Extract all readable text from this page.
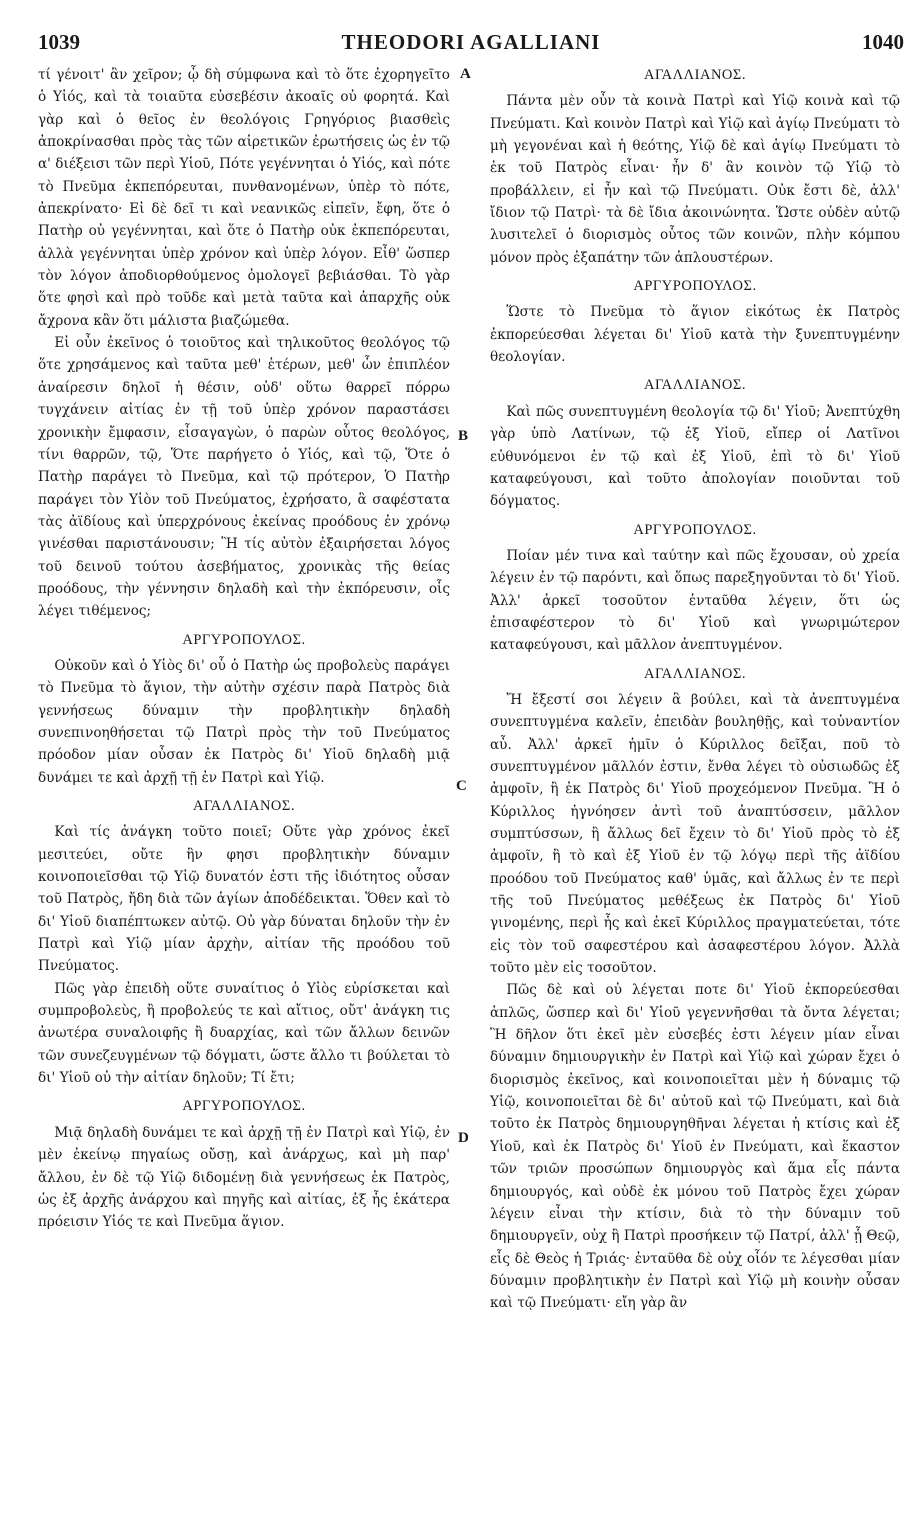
1039	THEODORI AGALLIANI	1040
A
B
C
D

τί γένοιτ' ἂν χεῖρον; ᾧ δὴ σύμφωνα καὶ τὸ ὅτε ἐχορηγεῖτο ὁ Υἱός, καὶ τὰ τοιαῦτα εὐσεβέσιν ἀκοαῖς οὐ φορητά. Καὶ γὰρ καὶ ὁ θεῖος ἐν θεολόγοις Γρηγόριος βιασθεὶς ἀποκρίνασθαι πρὸς τὰς τῶν αἱρετικῶν ἐρωτήσεις ὡς ἐν τῷ α' διέξεισι τῶν περὶ Υἱοῦ, Πότε γεγέννηται ὁ Υἱός, καὶ πότε τὸ Πνεῦμα ἐκπεπόρευται, πυνθανομένων, ὑπὲρ τὸ πότε, ἀπεκρίνατο· Εἰ δὲ δεῖ τι καὶ νεανικῶς εἰπεῖν, ἔφη, ὅτε ὁ Πατὴρ οὐ γεγέννηται, καὶ ὅτε ὁ Πατὴρ οὐκ ἐκπεπόρευται, ἀλλὰ γεγέννηται ὑπὲρ χρόνον καὶ ὑπὲρ λόγον. Εἶθ' ὥσπερ τὸν λόγον ἀποδιορθούμενος ὁμολογεῖ βεβιάσθαι. Τὸ γὰρ ὅτε φησὶ καὶ πρὸ τοῦδε καὶ μετὰ ταῦτα καὶ ἀπαρχῆς οὐκ ἄχρονα κἂν ὅτι μάλιστα βιαζώμεθα.

Εἰ οὖν ἐκεῖνος ὁ τοιοῦτος καὶ τηλικοῦτος θεολόγος τῷ ὅτε χρησάμενος καὶ ταῦτα μεθ' ἑτέρων, μεθ' ὧν ἐπιπλέον ἀναίρεσιν δηλοῖ ἡ θέσιν, οὐδ' οὕτω θαρρεῖ πόρρω τυγχάνειν αἰτίας ἐν τῇ τοῦ ὑπὲρ χρόνον παραστάσει χρονικὴν ἔμφασιν, εἶσαγαγὼν, ὁ παρὼν οὗτος θεολόγος, τίνι θαρρῶν, τῷ, Ὅτε παρήγετο ὁ Υἱός, καὶ τῷ, Ὅτε ὁ Πατὴρ παράγει τὸ Πνεῦμα, καὶ τῷ πρότερον, Ὁ Πατὴρ παράγει τὸν Υἱὸν τοῦ Πνεύματος, ἐχρήσατο, ἃ σαφέστατα τὰς ἀϊδίους καὶ ὑπερχρόνους ἐκείνας προόδους ἐν χρόνῳ γινέσθαι παριστάνουσιν; Ἢ τίς αὐτὸν ἐξαιρήσεται λόγος τοῦ δεινοῦ τούτου ἀσεβήματος, χρονικὰς τῆς θείας προόδους, τὴν γέννησιν δηλαδὴ καὶ τὴν ἐκπόρευσιν, οἷς λέγει τιθέμενος;

ΑΡΓΥΡΟΠΟΥΛΟΣ.

Οὐκοῦν καὶ ὁ Υἱὸς δι' οὗ ὁ Πατὴρ ὡς προβολεὺς παράγει τὸ Πνεῦμα τὸ ἅγιον, τὴν αὐτὴν σχέσιν παρὰ Πατρὸς διὰ γεννήσεως δύναμιν τὴν προβλητικὴν δηλαδὴ συνεπινοηθήσεται τῷ Πατρὶ πρὸς τὴν τοῦ Πνεύματος πρόοδον μίαν οὖσαν ἐκ Πατρὸς δι' Υἱοῦ δηλαδὴ μιᾷ δυνάμει τε καὶ ἀρχῇ τῇ ἐν Πατρὶ καὶ Υἱῷ.

ΑΓΑΛΛΙΑΝΟΣ.

Καὶ τίς ἀνάγκη τοῦτο ποιεῖ; Οὔτε γὰρ χρόνος ἐκεῖ μεσιτεύει, οὔτε ἣν φησι προβλητικὴν δύναμιν κοινοποιεῖσθαι τῷ Υἱῷ δυνατόν ἐστι τῆς ἰδιότητος οὖσαν τοῦ Πατρὸς, ἤδη διὰ τῶν ἁγίων ἀποδέδεικται. Ὅθεν καὶ τὸ δι' Υἱοῦ διαπέπτωκεν αὐτῷ. Οὐ γὰρ δύναται δηλοῦν τὴν ἐν Πατρὶ καὶ Υἱῷ μίαν ἀρχὴν, αἰτίαν τῆς προόδου τοῦ Πνεύματος.

Πῶς γὰρ ἐπειδὴ οὕτε συναίτιος ὁ Υἱὸς εὑρίσκεται καὶ συμπροβολεὺς, ἢ προβολεύς τε καὶ αἴτιος, οὔτ' ἀνάγκη τις ἀνωτέρα συναλοιφῆς ἢ δυαρχίας, καὶ τῶν ἄλλων δεινῶν τῶν συνεζευγμένων τῷ δόγματι, ὥστε ἄλλο τι βούλεται τὸ δι' Υἱοῦ οὐ τὴν αἰτίαν δηλοῦν; Τί ἔτι;

ΑΡΓΥΡΟΠΟΥΛΟΣ.

Μιᾷ δηλαδὴ δυνάμει τε καὶ ἀρχῇ τῇ ἐν Πατρὶ καὶ Υἱῷ, ἐν μὲν ἐκείνῳ πηγαίως οὔσῃ, καὶ ἀνάρχως, καὶ μὴ παρ' ἄλλου, ἐν δὲ τῷ Υἱῷ διδομένῃ διὰ γεννήσεως ἐκ Πατρὸς, ὡς ἐξ ἀρχῆς ἀνάρχου καὶ πηγῆς καὶ αἰτίας, ἐξ ἧς ἑκάτερα πρόεισιν Υἱός τε καὶ Πνεῦμα ἅγιον.

ΑΓΑΛΛΙΑΝΟΣ.

Πάντα μὲν οὖν τὰ κοινὰ Πατρὶ καὶ Υἱῷ κοινὰ καὶ τῷ Πνεύματι. Καὶ κοινὸν Πατρὶ καὶ Υἱῷ καὶ ἁγίῳ Πνεύματι τὸ μὴ γεγονέναι καὶ ἡ θεότης, Υἱῷ δὲ καὶ ἁγίῳ Πνεύματι τὸ ἐκ τοῦ Πατρὸς εἶναι· ἦν δ' ἂν κοινὸν τῷ Υἱῷ τὸ προβάλλειν, εἰ ἦν καὶ τῷ Πνεύματι. Οὐκ ἔστι δὲ, ἀλλ' ἴδιον τῷ Πατρὶ· τὰ δὲ ἴδια ἀκοινώνητα. Ὥστε οὐδὲν αὐτῷ λυσιτελεῖ ὁ διορισμὸς οὗτος τῶν κοινῶν, πλὴν κόμπου μόνον πρὸς ἐξαπάτην τῶν ἁπλουστέρων.

ΑΡΓΥΡΟΠΟΥΛΟΣ.

Ὥστε τὸ Πνεῦμα τὸ ἅγιον εἰκότως ἐκ Πατρὸς ἐκπορεύεσθαι λέγεται δι' Υἱοῦ κατὰ τὴν ξυνεπτυγμένην θεολογίαν.

ΑΓΑΛΛΙΑΝΟΣ.

Καὶ πῶς συνεπτυγμένη θεολογία τῷ δι' Υἱοῦ; Ἀνεπτύχθη γὰρ ὑπὸ Λατίνων, τῷ ἐξ Υἱοῦ, εἴπερ οἱ Λατῖνοι εὐθυνόμενοι ἐν τῷ καὶ ἐξ Υἱοῦ, ἐπὶ τὸ δι' Υἱοῦ καταφεύγουσι, καὶ τοῦτο ἀπολογίαν ποιοῦνται τοῦ δόγματος.

ΑΡΓΥΡΟΠΟΥΛΟΣ.

Ποίαν μέν τινα καὶ ταύτην καὶ πῶς ἔχουσαν, οὐ χρεία λέγειν ἐν τῷ παρόντι, καὶ ὅπως παρεξηγοῦνται τὸ δι' Υἱοῦ. Ἀλλ' ἀρκεῖ τοσοῦτον ἐνταῦθα λέγειν, ὅτι ὡς ἐπισαφέστερον τὸ δι' Υἱοῦ καὶ γνωριμώτερον καταφεύγουσι, καὶ μᾶλλον ἀνεπτυγμένον.

ΑΓΑΛΛΙΑΝΟΣ.

Ἤ ἔξεστί σοι λέγειν ἃ βούλει, καὶ τὰ ἀνεπτυγμένα συνεπτυγμένα καλεῖν, ἐπειδὰν βουληθῇς, καὶ τοὐναντίον αὖ. Ἀλλ' ἀρκεῖ ἡμῖν ὁ Κύριλλος δεῖξαι, ποῦ τὸ συνεπτυγμένον μᾶλλόν ἐστιν, ἔνθα λέγει τὸ οὐσιωδῶς ἐξ ἀμφοῖν, ἢ ἐκ Πατρὸς δι' Υἱοῦ προχεόμενον Πνεῦμα. Ἢ ὁ Κύριλλος ἠγνόησεν ἀντὶ τοῦ ἀναπτύσσειν, μᾶλλον συμπτύσσων, ἢ ἄλλως δεῖ ἔχειν τὸ δι' Υἱοῦ πρὸς τὸ ἐξ ἀμφοῖν, ἢ τὸ καὶ ἐξ Υἱοῦ ἐν τῷ λόγῳ περὶ τῆς ἀϊδίου προόδου τοῦ Πνεύματος καθ' ὑμᾶς, καὶ ἄλλως ἐν τε περὶ τῆς τοῦ Πνεύματος μεθέξεως ἐκ Πατρὸς δι' Υἱοῦ γινομένης, περὶ ἧς καὶ ἐκεῖ Κύριλλος πραγματεύεται, τότε εἰς τὸν τοῦ σαφεστέρου καὶ ἀσαφεστέρου λόγον. Ἀλλὰ τοῦτο μὲν εἰς τοσοῦτον.

Πῶς δὲ καὶ οὐ λέγεται ποτε δι' Υἱοῦ ἐκπορεύεσθαι ἁπλῶς, ὥσπερ καὶ δι' Υἱοῦ γεγεννῆσθαι τὰ ὄντα λέγεται; Ἢ δῆλον ὅτι ἐκεῖ μὲν εὐσεβές ἐστι λέγειν μίαν εἶναι δύναμιν δημιουργικὴν ἐν Πατρὶ καὶ Υἱῷ καὶ χώραν ἔχει ὁ διορισμὸς ἐκεῖνος, καὶ κοινοποιεῖται μὲν ἡ δύναμις τῷ Υἱῷ, κοινοποιεῖται δὲ δι' αὐτοῦ καὶ τῷ Πνεύματι, καὶ διὰ τοῦτο ἐκ Πατρὸς δημιουργηθῆναι λέγεται ἡ κτίσις καὶ ἐξ Υἱοῦ, καὶ ἐκ Πατρὸς δι' Υἱοῦ ἐν Πνεύματι, καὶ ἕκαστον τῶν τριῶν προσώπων δημιουργὸς καὶ ἅμα εἷς πάντα δημιουργός, καὶ οὐδὲ ἐκ μόνου τοῦ Πατρὸς ἔχει χώραν λέγειν εἶναι τὴν κτίσιν, διὰ τὸ τὴν δύναμιν τοῦ δημιουργεῖν, οὐχ ἢ Πατρὶ προσήκειν τῷ Πατρί, ἀλλ' ᾗ Θεῷ, εἷς δὲ Θεὸς ἡ Τριάς· ἐνταῦθα δὲ οὐχ οἷόν τε λέγεσθαι μίαν δύναμιν προβλητικὴν ἐν Πατρὶ καὶ Υἱῷ μὴ κοινὴν οὖσαν καὶ τῷ Πνεύματι· εἴη γὰρ ἂν
